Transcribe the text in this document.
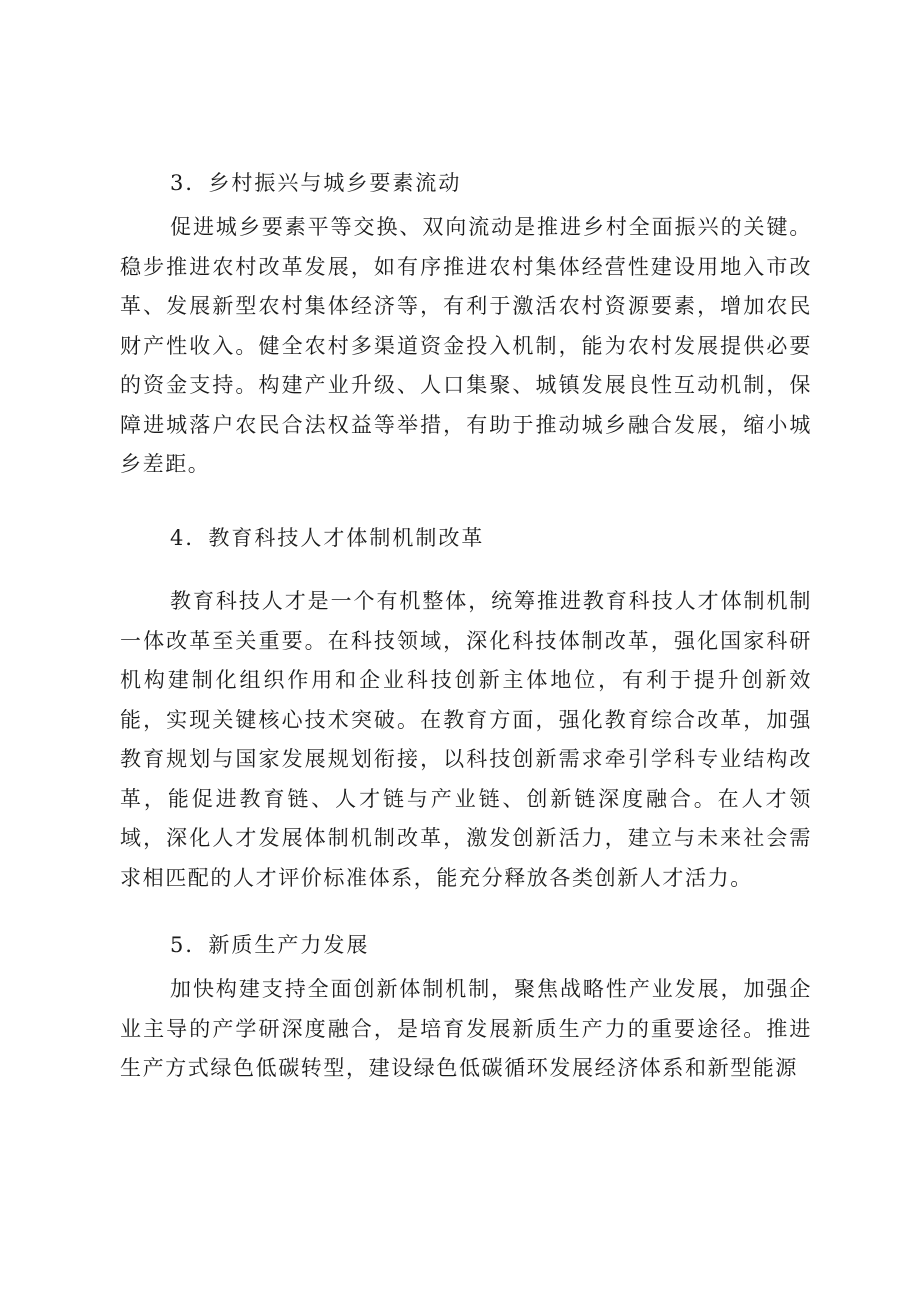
3．乡村振兴与城乡要素流动

促进城乡要素平等交换、双向流动是推进乡村全面振兴的关键。稳步推进农村改革发展，如有序推进农村集体经营性建设用地入市改革、发展新型农村集体经济等，有利于激活农村资源要素，增加农民财产性收入。健全农村多渠道资金投入机制，能为农村发展提供必要的资金支持。构建产业升级、人口集聚、城镇发展良性互动机制，保障进城落户农民合法权益等举措，有助于推动城乡融合发展，缩小城乡差距。

4．教育科技人才体制机制改革

教育科技人才是一个有机整体，统筹推进教育科技人才体制机制一体改革至关重要。在科技领域，深化科技体制改革，强化国家科研机构建制化组织作用和企业科技创新主体地位，有利于提升创新效能，实现关键核心技术突破。在教育方面，强化教育综合改革，加强教育规划与国家发展规划衔接，以科技创新需求牵引学科专业结构改革，能促进教育链、人才链与产业链、创新链深度融合。在人才领域，深化人才发展体制机制改革，激发创新活力，建立与未来社会需求相匹配的人才评价标准体系，能充分释放各类创新人才活力。

5．新质生产力发展

加快构建支持全面创新体制机制，聚焦战略性产业发展，加强企业主导的产学研深度融合，是培育发展新质生产力的重要途径。推进生产方式绿色低碳转型，建设绿色低碳循环发展经济体系和新型能源
